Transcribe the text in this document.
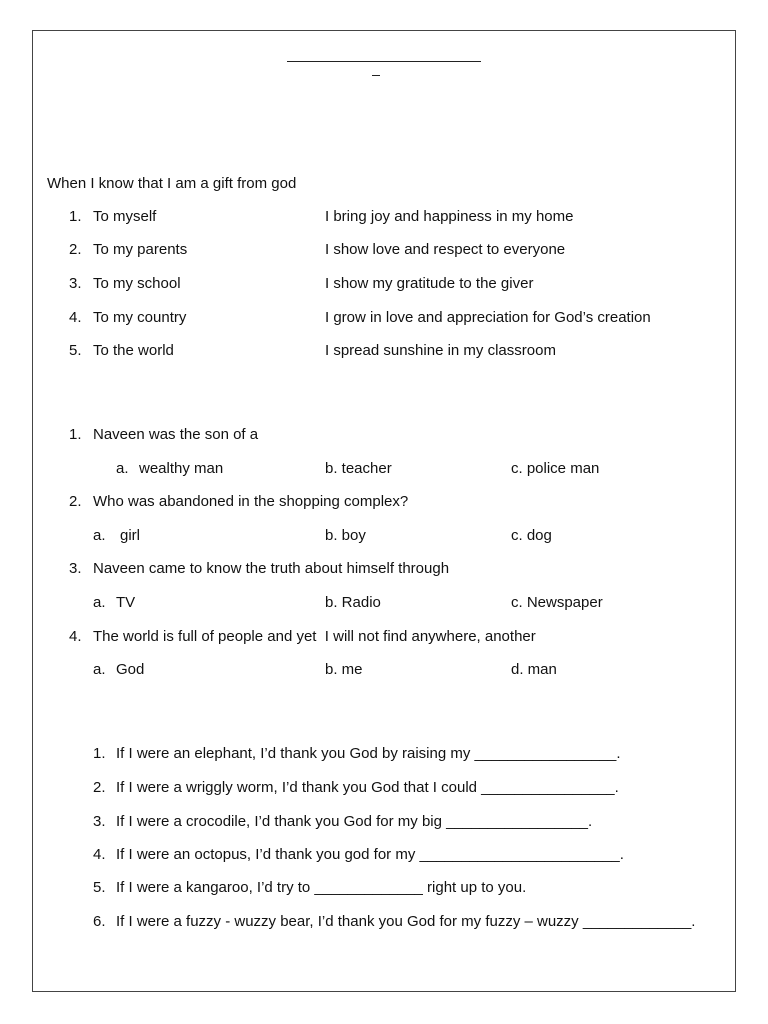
When I know that I am a gift from god
1. To myself	I bring joy and happiness in my home
2. To my parents	I show love and respect to everyone
3. To my school	I show my gratitude to the giver
4. To my country	I grow in love and appreciation for God’s creation
5. To the world	I spread sunshine in my classroom
1. Naveen was the son of a
a. wealthy man	b. teacher	c. police man
2. Who was abandoned in the shopping complex?
a. girl	b. boy	c. dog
3. Naveen came to know the truth about himself through
a. TV	b. Radio	c. Newspaper
4. The world is full of people and yet  I will not find anywhere, another
a. God	b. me	d. man
1. If I were an elephant, I’d thank you God by raising my _________________.
2. If I were a wriggly worm, I’d thank you God that I could ________________.
3. If I were a crocodile, I’d thank you God for my big _________________.
4. If I were an octopus, I’d thank you god for my ________________________.
5. If I were a kangaroo, I’d try to _____________ right up to you.
6. If I were a fuzzy - wuzzy bear, I’d thank you God for my fuzzy – wuzzy _____________.
